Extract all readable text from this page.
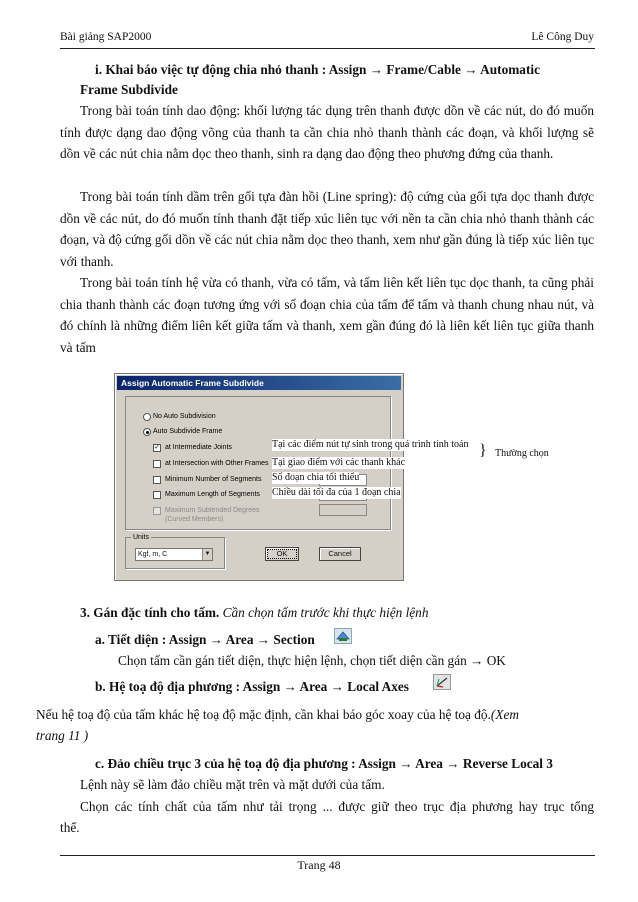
Bài giảng SAP2000	Lê Công Duy
i. Khai báo việc tự động chia nhỏ thanh : Assign → Frame/Cable → Automatic
Frame Subdivide

Trong bài toán tính dao động: khối lượng tác dụng trên thanh được dồn về các nút, do đó muốn tính được dạng dao động võng của thanh ta cần chia nhỏ thanh thành các đoạn, và khối lượng sẽ dồn về các nút chia nằm dọc theo thanh, sinh ra dạng dao động theo phương đứng của thanh.

Trong bài toán tính dầm trên gối tựa đàn hồi (Line spring): độ cứng của gối tựa dọc thanh được dồn về các nút, do đó muốn tính thanh đặt tiếp xúc liên tục với nền ta cần chia nhỏ thanh thành các đoạn, và độ cứng gối dồn về các nút chia nằm dọc theo thanh, xem như gần đúng là tiếp xúc liên tục với thanh.

Trong bài toán tính hệ vừa có thanh, vừa có tấm, và tấm liên kết liên tục dọc thanh, ta cũng phải chia thanh thành các đoạn tương ứng với số đoạn chia của tấm để tấm và thanh chung nhau nút, và đó chính là những điểm liên kết giữa tấm và thanh, xem gần đúng đó là liên kết liên tục giữa thanh và tấm

Assign Automatic Frame Subdivide
No Auto Subdivision
Auto Subdivide Frame
✓ at Intermediate Joints
at Intersection with Other Frames
Minimum Number of Segments
Maximum Length of Segments
Maximum Subtended Degrees
(Curved Members)
Units
Kgf, m, C	▼	OK	Cancel
Tại các điểm nút tự sinh trong quá trình tính toán
Tại giao điểm với các thanh khác
Số đoạn chia tối thiểu
Chiều dài tối đa của 1 đoạn chia
} Thường chọn
3. Gán đặc tính cho tấm. Cần chọn tấm trước khi thực hiện lệnh
a. Tiết diện : Assign → Area → Section
Chọn tấm cần gán tiết diện, thực hiện lệnh, chọn tiết diện cần gán → OK
b. Hệ toạ độ địa phương : Assign → Area → Local Axes
Nếu hệ toạ độ của tấm khác hệ toạ độ mặc định, cần khai báo góc xoay của hệ toạ độ.(Xem
trang 11 )
c. Đảo chiều trục 3 của hệ toạ độ địa phương : Assign → Area → Reverse Local 3
Lệnh này sẽ làm đảo chiều mặt trên và mặt dưới của tấm.
Chọn các tính chất của tấm như tải trọng ... được giữ theo trục địa phương hay trục tổng
thể.
Trang 48
